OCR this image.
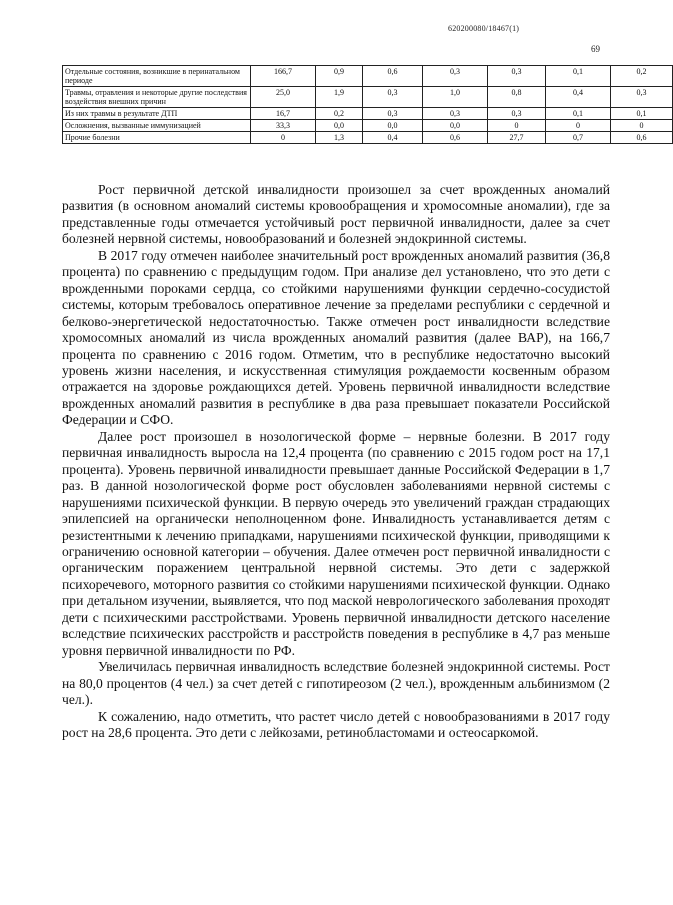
620200080/18467(1)
69
Отдельные состояния, возникшие в перинатальном периоде	166,7	0,9	0,6	0,3	0,3	0,1	0,2
Травмы, отравления и некоторые другие последствия воздействия внешних причин	25,0	1,9	0,3	1,0	0,8	0,4	0,3
Из них травмы в результате ДТП	16,7	0,2	0,3	0,3	0,3	0,1	0,1
Осложнения, вызванные иммунизацией	33,3	0,0	0,0	0,0	0	0	0
Прочие болезни	0	1,3	0,4	0,6	27,7	0,7	0,6

Рост первичной детской инвалидности произошел за счет врожденных аномалий развития (в основном аномалий системы кровообращения и хромосомные аномалии), где за представленные годы отмечается устойчивый рост первичной инвалидности, далее за счет болезней нервной системы, новообразований и болезней эндокринной системы.

В 2017 году отмечен наиболее значительный рост врожденных аномалий развития (36,8 процента) по сравнению с предыдущим годом. При анализе дел установлено, что это дети с врожденными пороками сердца, со стойкими нарушениями функции сердечно-сосудистой системы, которым требовалось оперативное лечение за пределами республики с сердечной и белково-энергетической недостаточностью. Также отмечен рост инвалидности вследствие хромосомных аномалий из числа врожденных аномалий развития (далее ВАР), на 166,7 процента по сравнению с 2016 годом. Отметим, что в республике недостаточно высокий уровень жизни населения, и искусственная стимуляция рождаемости косвенным образом отражается на здоровье рождающихся детей. Уровень первичной инвалидности вследствие врожденных аномалий развития в республике в два раза превышает показатели Российской Федерации и СФО.

Далее рост произошел в нозологической форме – нервные болезни. В 2017 году первичная инвалидность выросла на 12,4 процента (по сравнению с 2015 годом рост на 17,1 процента). Уровень первичной инвалидности превышает данные Российской Федерации в 1,7 раз. В данной нозологической форме рост обусловлен заболеваниями нервной системы с нарушениями психической функции. В первую очередь это увеличений граждан страдающих эпилепсией на органически неполноценном фоне. Инвалидность устанавливается детям с резистентными к лечению припадками, нарушениями психической функции, приводящими к ограничению основной категории – обучения. Далее отмечен рост первичной инвалидности с органическим поражением центральной нервной системы. Это дети с задержкой психоречевого, моторного развития со стойкими нарушениями психической функции. Однако при детальном изучении, выявляется, что под маской неврологического заболевания проходят дети с психическими расстройствами. Уровень первичной инвалидности детского население вследствие психических расстройств и расстройств поведения в республике в 4,7 раз меньше уровня первичной инвалидности по РФ.

Увеличилась первичная инвалидность вследствие болезней эндокринной системы. Рост на 80,0 процентов (4 чел.) за счет детей с гипотиреозом (2 чел.), врожденным альбинизмом (2 чел.).

К сожалению, надо отметить, что растет число детей с новообразованиями в 2017 году рост на 28,6 процента. Это дети с лейкозами, ретинобластомами и остеосаркомой.
